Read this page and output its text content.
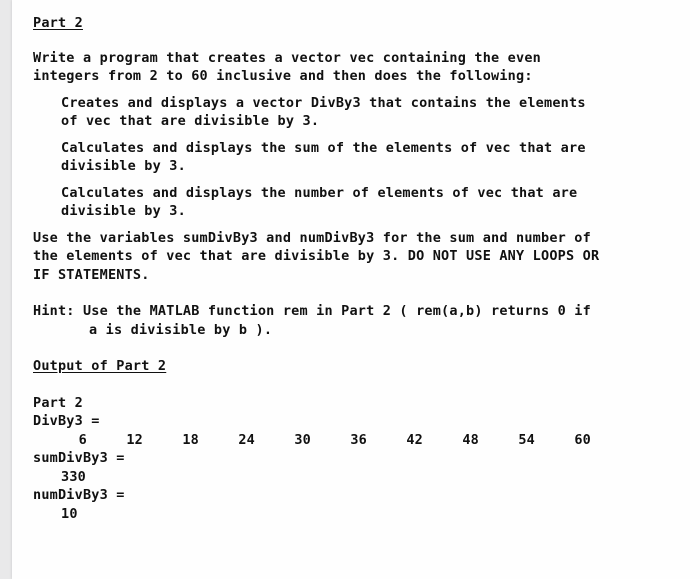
Part 2
Write a program that creates a vector vec containing the even
integers from 2 to 60 inclusive and then does the following:
Creates and displays a vector DivBy3 that contains the elements
of vec that are divisible by 3.
Calculates and displays the sum of the elements of vec that are
divisible by 3.
Calculates and displays the number of elements of vec that are
divisible by 3.
Use the variables sumDivBy3 and numDivBy3 for the sum and number of
the elements of vec that are divisible by 3. DO NOT USE ANY LOOPS OR
IF STATEMENTS.
Hint: Use the MATLAB function rem in Part 2 ( rem(a,b) returns 0 if
a is divisible by b ).
Output of Part 2
Part 2
DivBy3 =
6	12	18	24	30	36	42	48	54	60
sumDivBy3 =
330
numDivBy3 =
10
